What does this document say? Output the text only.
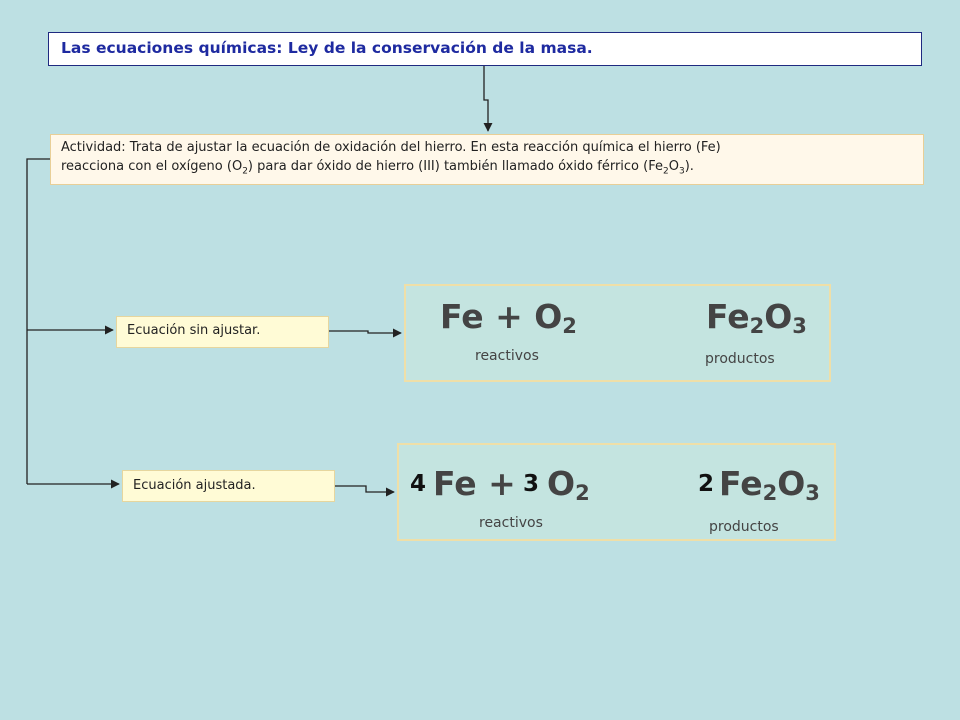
Las ecuaciones químicas: Ley de la conservación de la masa.
Actividad: Trata de ajustar la ecuación de oxidación del hierro. En esta reacción química el hierro (Fe)
reacciona con el oxígeno $(O_2)$ para dar óxido de hierro (III) también llamado óxido férrico $(Fe_2O_3)$.
Ecuación sin ajustar.
Ecuación ajustada.
$Fe + O_2$	$Fe_2O_3$
reactivos	productos
4 Fe + 3 $O_2$	2 $Fe_2O_3$
reactivos	productos
